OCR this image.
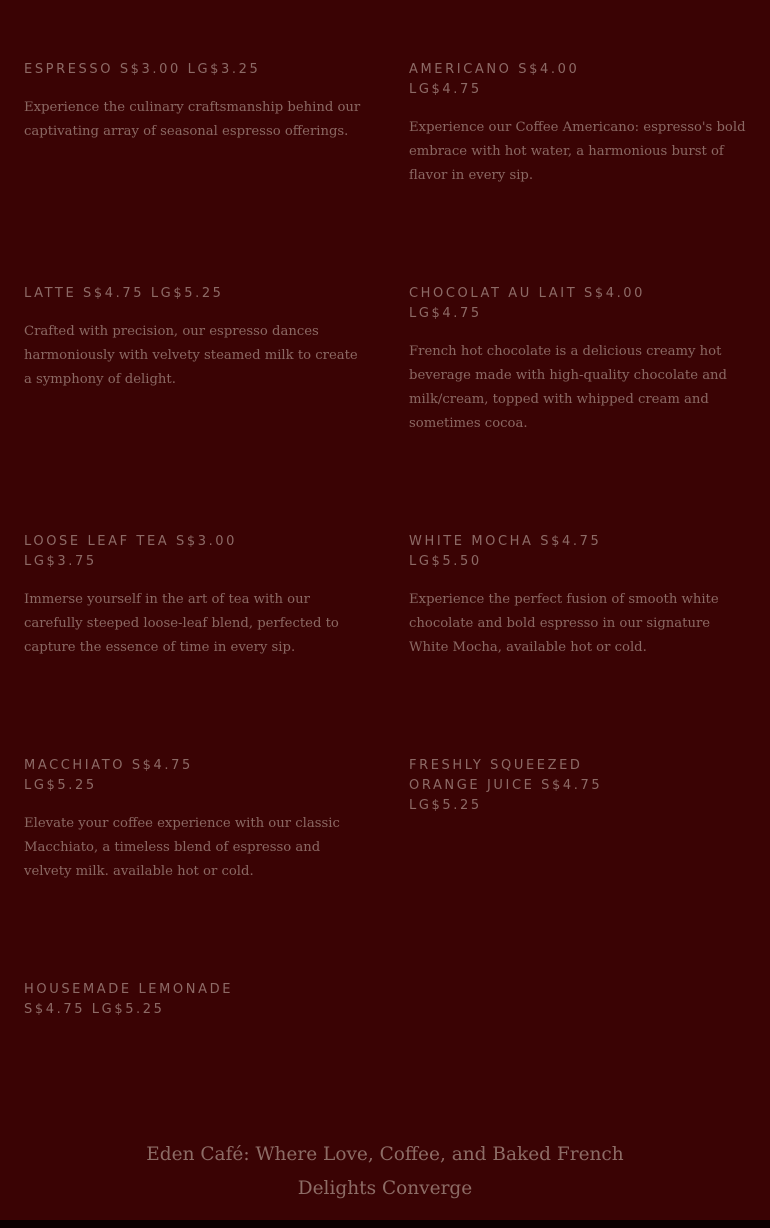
ESPRESSO S$3.00 LG$3.25

Experience the culinary craftsmanship behind our captivating array of seasonal espresso offerings.

AMERICANO S$4.00
LG$4.75

Experience our Coffee Americano: espresso's bold embrace with hot water, a harmonious burst of flavor in every sip.

LATTE S$4.75 LG$5.25

Crafted with precision, our espresso dances harmoniously with velvety steamed milk to create a symphony of delight.

CHOCOLAT AU LAIT S$4.00
LG$4.75

French hot chocolate is a delicious creamy hot beverage made with high-quality chocolate and milk/cream, topped with whipped cream and sometimes cocoa.

LOOSE LEAF TEA S$3.00
LG$3.75

Immerse yourself in the art of tea with our carefully steeped loose-leaf blend, perfected to capture the essence of time in every sip.

WHITE MOCHA S$4.75
LG$5.50

Experience the perfect fusion of smooth white chocolate and bold espresso in our signature White Mocha, available hot or cold.

MACCHIATO S$4.75
LG$5.25

Elevate your coffee experience with our classic Macchiato, a timeless blend of espresso and velvety milk. available hot or cold.

FRESHLY SQUEEZED
ORANGE JUICE S$4.75
LG$5.25

HOUSEMADE LEMONADE
S$4.75 LG$5.25

Eden Café: Where Love, Coffee, and Baked French Delights Converge
